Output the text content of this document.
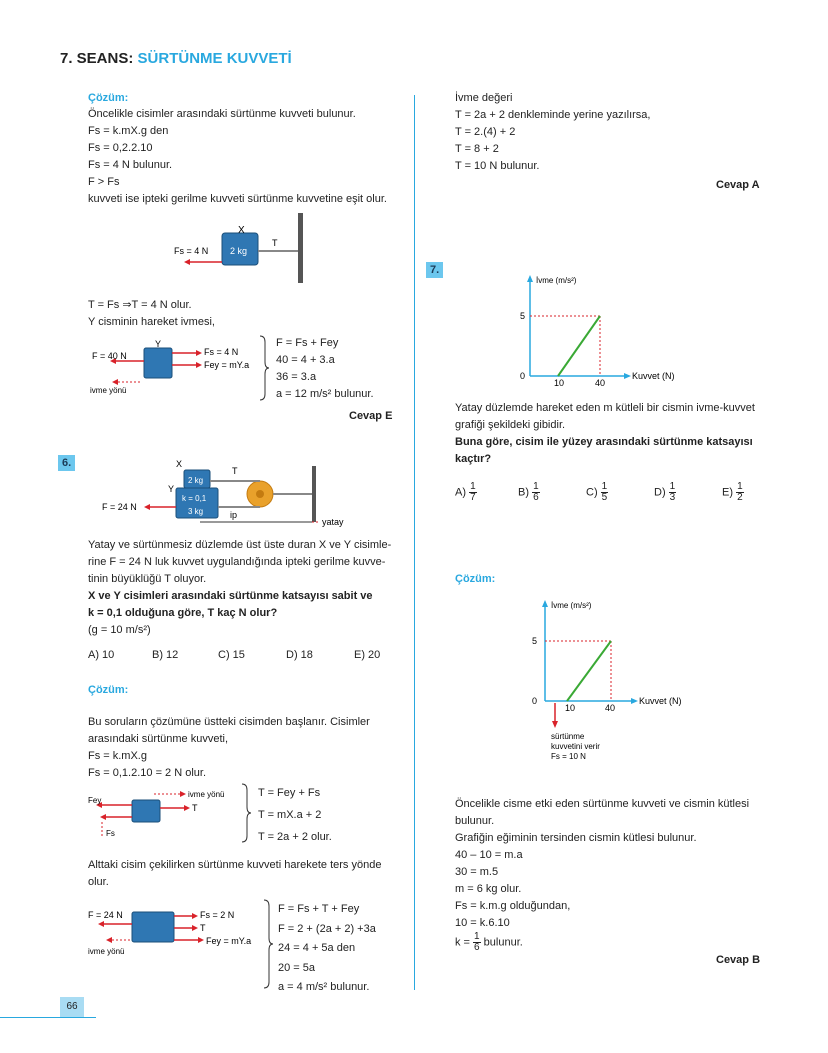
7. SEANS: SÜRTÜNME KUVVETİ
Çözüm:
Öncelikle cisimler arasındaki sürtünme kuvveti bulunur.
Fs = k.mX.g den
Fs = 0,2.2.10
Fs = 4 N bulunur.
F > Fs
kuvveti ise ipteki gerilme kuvveti sürtünme kuvvetine eşit olur.
X
2 kg
T
Fs = 4 N
T = Fs ⇒T = 4 N olur.
Y cisminin hareket ivmesi,
F = 40 N
Y
Fs = 4 N
Fey = mY.a
ivme yönü
F = Fs + Fey
40 = 4 + 3.a
36 = 3.a
a = 12 m/s² bulunur.
Cevap E
6.	X
Y
T
2 kg
k = 0,1
3 kg
F = 24 N
ip
yatay
Yatay ve sürtünmesiz düzlemde üst üste duran X ve Y cisimle-
rine F = 24 N luk kuvvet uygulandığında ipteki gerilme kuvve-
tinin büyüklüğü T oluyor.
X ve Y cisimleri arasındaki sürtünme katsayısı sabit ve
k = 0,1 olduğuna göre, T kaç N olur?
(g = 10 m/s²)
A) 10	B) 12	C) 15	D) 18	E) 20
Çözüm:
Bu soruların çözümüne üstteki cisimden başlanır. Cisimler
arasındaki sürtünme kuvveti,
Fs = k.mX.g
Fs = 0,1.2.10 = 2 N olur.
ivme yönü
Fey
T
Fs
T = Fey + Fs
T = mX.a + 2
T = 2a + 2 olur.
Alttaki cisim çekilirken sürtünme kuvveti harekete ters yönde
olur.
F = 24 N	Fs = 2 N
T
Fey = mY.a
ivme yönü
F = Fs + T + Fey
F = 2 + (2a + 2) +3a
24 = 4 + 5a den
20 = 5a
a = 4 m/s² bulunur.
İvme değeri
T = 2a + 2 denkleminde yerine yazılırsa,
T = 2.(4) + 2
T = 8 + 2
T = 10 N bulunur.
Cevap A
7.
İvme (m/s²)
Kuvvet (N)
5
0
10	40
Yatay düzlemde hareket eden m kütleli bir cismin ivme-kuvvet
grafiği şekildeki gibidir.
Buna göre, cisim ile yüzey arasındaki sürtünme katsayısı
kaçtır?
$A) \frac{1}{7}$	$B) \frac{1}{6}$	$C) \frac{1}{5}$	$D) \frac{1}{3}$	$E) \frac{1}{2}$
Çözüm:
İvme (m/s²)
Kuvvet (N)
5
0
10	40
sürtünme
kuvvetini verir
Fs = 10 N
Öncelikle cisme etki eden sürtünme kuvveti ve cismin kütlesi
bulunur.
Grafiğin eğiminin tersinden cismin kütlesi bulunur.
40 – 10 = m.a
30 = m.5
m = 6 kg olur.
Fs = k.m.g olduğundan,
10 = k.6.10
$k = \frac{1}{6}$ bulunur.
Cevap B
66
